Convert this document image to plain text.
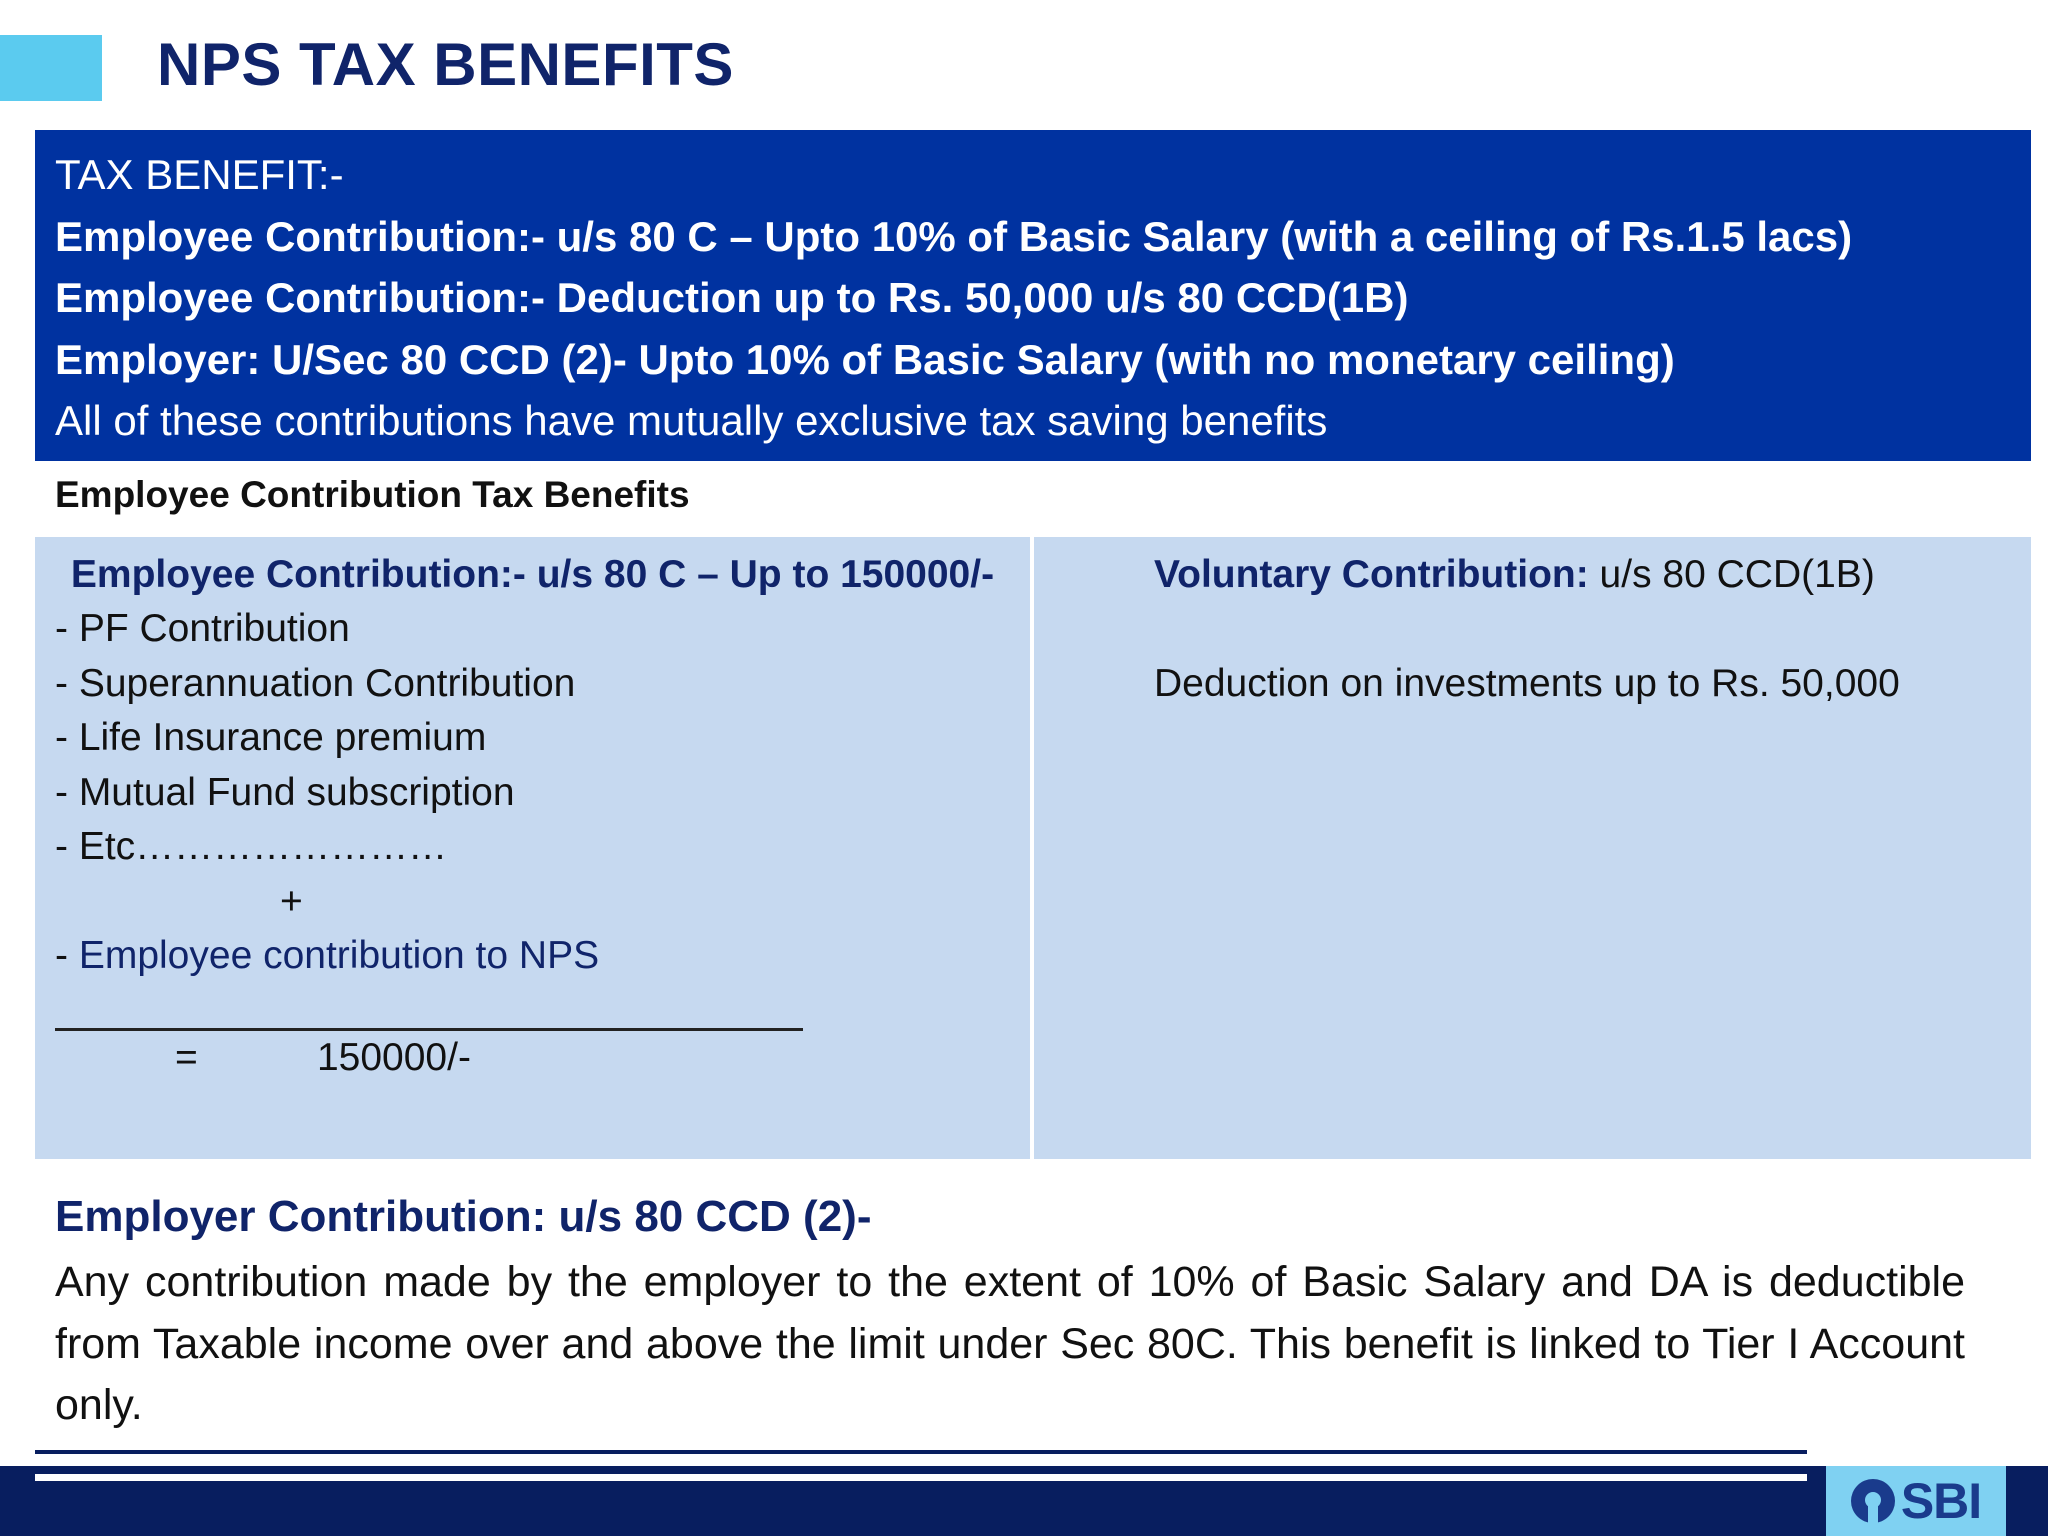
NPS TAX BENEFITS
TAX BENEFIT:-
Employee Contribution:- u/s 80 C – Upto 10% of Basic Salary (with a ceiling of Rs.1.5 lacs)
Employee Contribution:- Deduction up to Rs. 50,000 u/s 80 CCD(1B)
Employer: U/Sec 80 CCD (2)- Upto 10% of Basic Salary (with no monetary ceiling)
All of these contributions have mutually exclusive tax saving benefits
Employee Contribution Tax Benefits
Employee Contribution:- u/s 80 C – Up to 150000/-
- PF Contribution
- Superannuation Contribution
- Life Insurance premium
- Mutual Fund subscription
- Etc……………………
+
- Employee contribution to NPS
=           150000/-
Voluntary Contribution: u/s 80 CCD(1B)
Deduction on investments up to Rs. 50,000
Employer Contribution: u/s 80 CCD (2)-
Any contribution made by the employer to the extent of 10% of Basic Salary and DA is deductible from Taxable income over and above the limit under Sec 80C. This benefit is linked to Tier I Account only.
SBI
